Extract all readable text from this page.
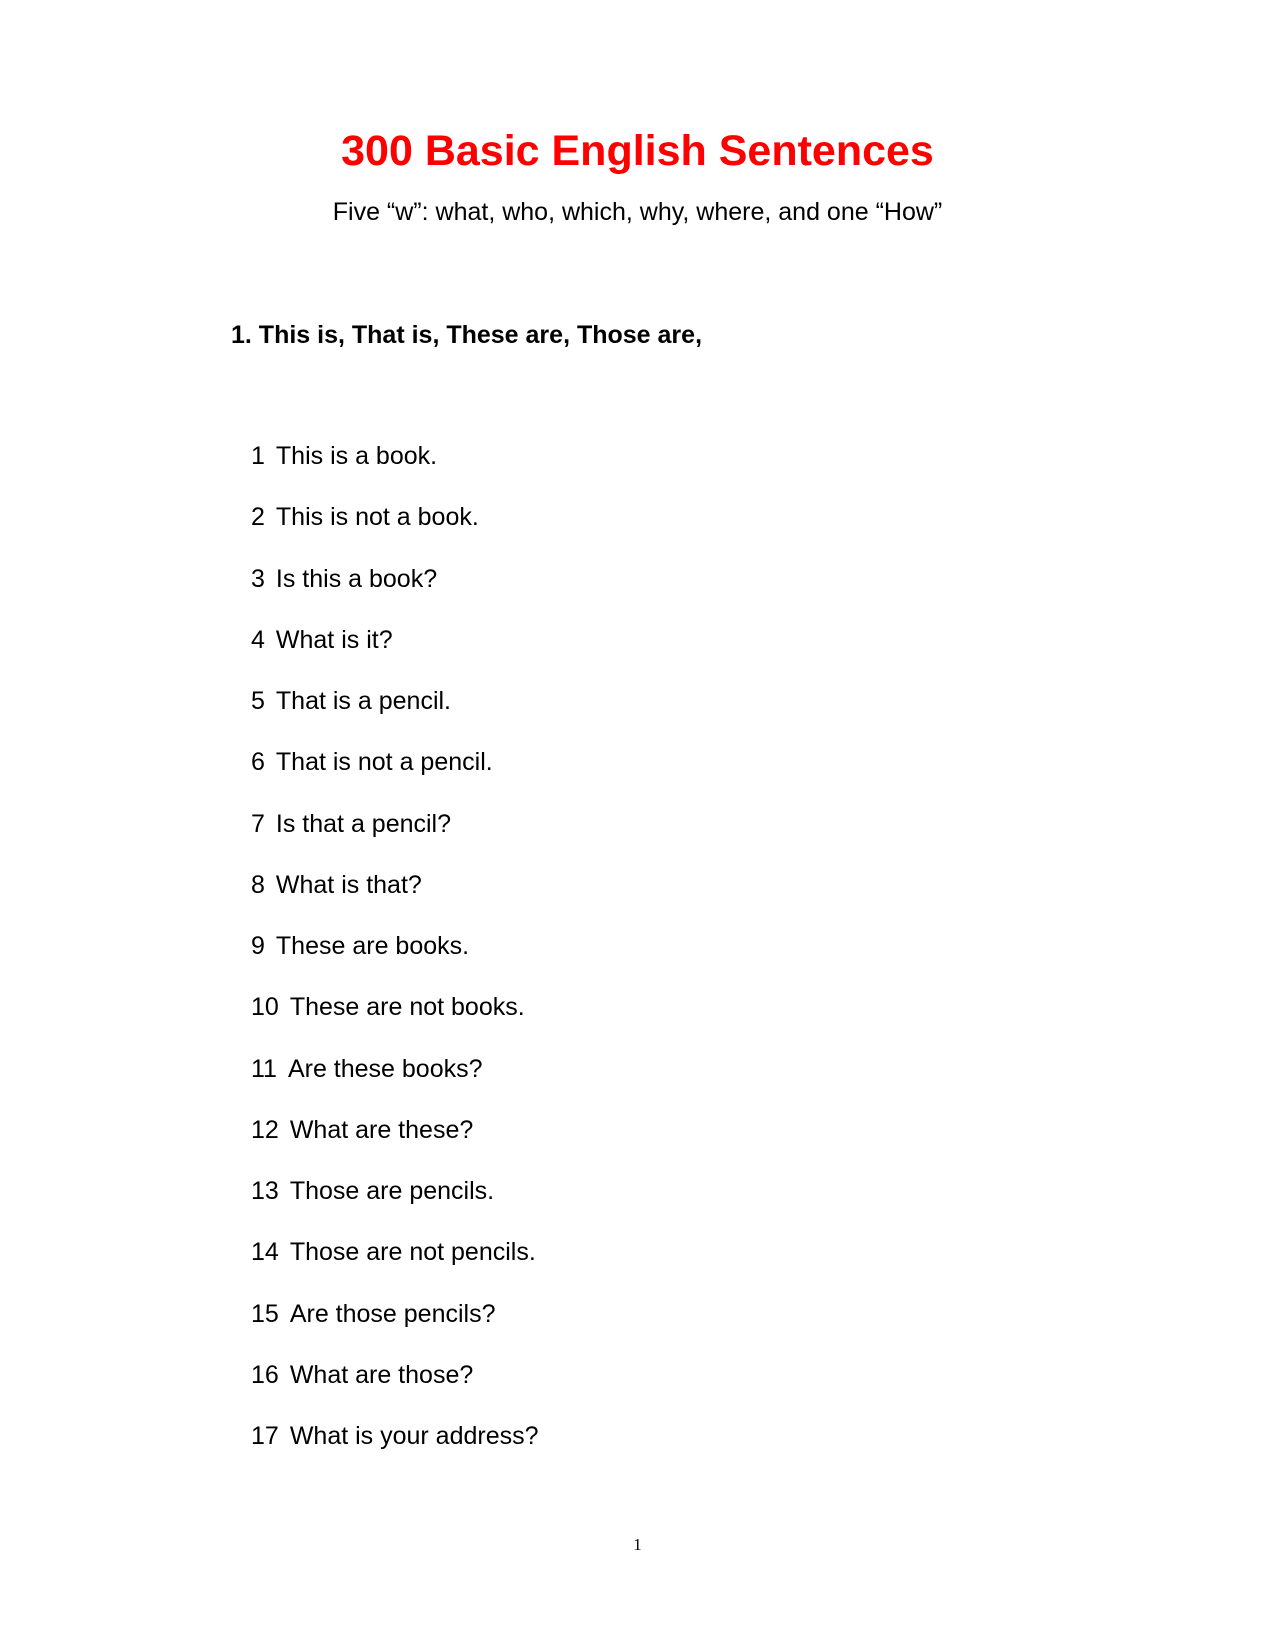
300 Basic English Sentences

Five “w”: what, who, which, why, where, and one “How”

1. This is, That is, These are, Those are,
1 This is a book.
2 This is not a book.
3 Is this a book?
4 What is it?
5 That is a pencil.
6 That is not a pencil.
7 Is that a pencil?
8 What is that?
9 These are books.
10 These are not books.
11 Are these books?
12 What are these?
13 Those are pencils.
14 Those are not pencils.
15 Are those pencils?
16 What are those?
17 What is your address?
1
